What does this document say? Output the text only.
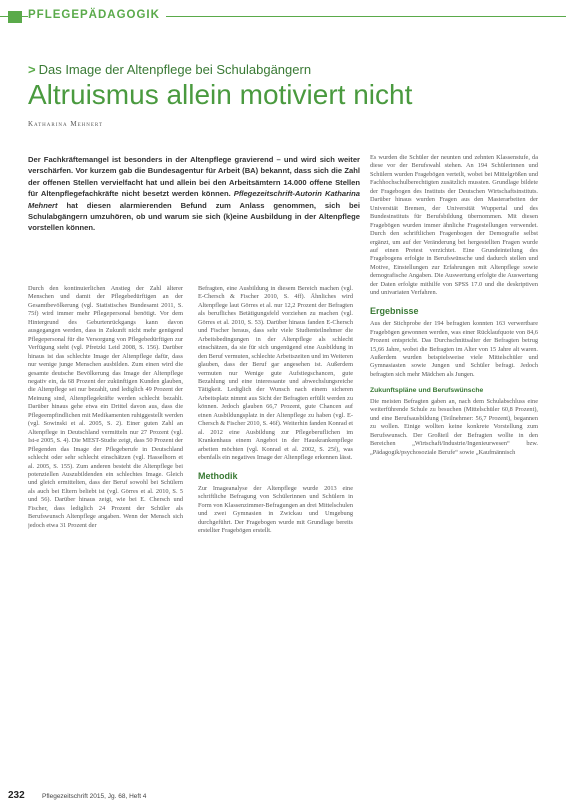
PFLEGEPÄDAGOGIK
> Das Image der Altenpflege bei Schulabgängern
Altruismus allein motiviert nicht
Katharina Mehnert
Der Fachkräftemangel ist besonders in der Altenpflege gravierend – und wird sich weiter verschärfen. Vor kurzem gab die Bundesagentur für Arbeit (BA) bekannt, dass sich die Zahl der offenen Stellen vervielfacht hat und allein bei den Arbeitsämtern 14.000 offene Stellen für Altenpflegefachkräfte nicht besetzt werden können. Pflegezeitschrift-Autorin Katharina Mehnert hat diesen alarmierenden Befund zum Anlass genommen, sich bei Schulabgängern umzuhören, ob und warum sie sich (k)eine Ausbildung in der Altenpflege vorstellen können.

Durch den kontinuierlichen Anstieg der Zahl älterer Menschen und damit der Pflegebedürftigen an der Gesamtbevölkerung (vgl. Statistisches Bundesamt 2011, S. 75f) wird immer mehr Pflegepersonal benötigt. Vor dem Hintergrund des Geburtenrückgangs kann davon ausgegangen werden, dass in Zukunft nicht mehr genügend Pflegepersonal für die Versorgung von Pflegebedürftigen zur Verfügung steht (vgl. Pfretzki Leid 2008, S. 156). Darüber hinaus ist das schlechte Image der Altenpflege dafür, dass nur wenige junge Menschen ausbilden. Zum einen wird die gesamte deutsche Bevölkerung das Image der Altenpflege negativ ein, da 68 Prozent der zukünftigen Kunden glauben, die Altenpflege sei nur bezahlt, und lediglich 49 Prozent der Meinung sind, Altenpflegekräfte werden schlecht bezahlt. Darüber hinaus gehe etwa ein Drittel davon aus, dass die Pflegeempfindlichen mit Medikamenten ruhiggestellt werden (vgl. Sowinski et al. 2005, S. 2). Einer guten Zahl an Altenpflege in Deutschland vermitteln nur 27 Prozent (vgl. Ist-e 2005, S. 4). Die MEST-Studie zeigt, dass 50 Prozent der Pflegenden das Image der Pflegeberufe in Deutschland schlecht oder sehr schlecht einschätzen (vgl. Hasselhorn et al. 2005, S. 155). Zum anderen besteht die Altenpflege bei potenziellen Auszubildenden ein schlechtes Image. Gleich und gleich ermittelten, dass der Beruf sowohl bei Schülern als auch bei Eltern beliebt ist (vgl. Görres et al. 2010, S. 5 und 56). Darüber hinaus zeigt, wie bei E. Chersch und Fischer, dass lediglich 24 Prozent der Schüler als Berufswunsch Altenpflege angaben. Wenn der Mensch sich jedoch etwa 31 Prozent der

Befragten, eine Ausbildung in diesem Bereich machen (vgl. E-Chersch & Fischer 2010, S. 4ff). Ähnliches wird Altenpflege laut Görres et al. nur 12,2 Prozent der Befragten als berufliches Betätigungsfeld vorziehen zu machen (vgl. Görres et al. 2010, S. 53). Darüber hinaus fanden E-Chersch und Fischer heraus, dass sehr viele Studienteilnehmer die Arbeitsbedingungen in der Altenpflege als schlecht einschätzen, da sie für sich ungenügend eine Ausbildung in den Beruf vermuten, schlechte Arbeitszeiten und im Weiteren glauben, dass der Beruf gar angesehen ist. Außerdem vermuten nur Wenige gute Aufstiegschancen, gute Bezahlung und eine interessante und abwechslungsreiche Tätigkeit. Lediglich der Wunsch nach einem sicheren Arbeitsplatz nimmt aus Sicht der Befragten erfüllt werden zu können. Jedoch glauben 66,7 Prozent, gute Chancen auf einen Ausbildungsplatz in der Altenpflege zu haben (vgl. E-Chersch & Fischer 2010, S. 46f). Weiterhin fanden Konrad et al. 2012 eine Ausbildung zur Pflegeberuflichen im Krankenhaus einem Angebot in der Hauskrankenpflege arbeiten möchten (vgl. Konrad et al. 2002, S. 25f), was ebenfalls ein negatives Image der Altenpflege erkennen lässt.

Methodik

Zur Imageanalyse der Altenpflege wurde 2013 eine schriftliche Befragung von Schülerinnen und Schülern in Form von Klassenzimmer-Befragungen an drei Mittelschulen und zwei Gymnasien in Zwickau und Umgebung durchgeführt. Der Fragebogen wurde mit Grundlage bereits erstellter Fragebögen erstellt.

Es wurden die Schüler der neunten und zehnten Klassenstufe, da diese vor der Berufswahl stehen. An 194 Schülerinnen und Schülern wurden Fragebögen verteilt, wobei bei Mittelgrößen und Fachhochschulberechtigten zusätzlich mussten. Grundlage bildete der Fragebogen des Instituts der Deutschen Wirtschaftsinstituts. Darüber hinaus wurden Fragen aus den Masterarbeiten der Universität Bremen, der Universität Wuppertal und des Bundesinstituts für Berufsbildung übernommen. Mit diesen Fragebögen wurden immer ähnliche Fragestellungen verwendet. Durch den schriftlichen Fragenbogen der Demografie selbst ergänzt, um auf der Veränderung bei hergestellten Fragen wurde auf einen Pretest verzichtet. Eine Grundeinteilung des Fragebogens erfolgte in Berufswünsche und dadurch stellen und Motive, Einstellungen zur Erfahrungen mit Altenpflege sowie demografische Angaben. Die Auswertung erfolgte die Auswertung der Daten erfolgte mithilfe von SPSS 17.0 und die deskriptiven und univariaten Verfahren.

Ergebnisse

Aus der Stichprobe der 194 befragten konnten 163 verwertbare Fragebögen gewonnen werden, was einer Rücklaufquote von 84,6 Prozent entspricht. Das Durchschnittsalter der Befragten betrug 15,66 Jahre, wobei die Befragten im Alter von 15 Jahre alt waren. Außerdem wurden beispielsweise viele Mittelschüler und Gymnasiasten sowie Jungen und Schüler befragt. Jedoch befragten sich mehr Mädchen als Jungen.

Zukunftspläne und Berufswünsche

Die meisten Befragten gaben an, nach dem Schulabschluss eine weiterführende Schule zu besuchen (Mittelschüler 60,8 Prozent), und eine Berufsausbildung (Teilnehmer: 56,7 Prozent), begannen zu wollen. Einige wollten keine konkrete Vorstellung zum Berufswunsch. Der Großteil der Befragten wollte in den Bereichen „Wirtschaft/Industrie/Ingenieurwesen“ bzw. „Pädagogik/psychosoziale Berufe“ sowie „Kaufmännisch

232	Pflegezeitschrift 2015, Jg. 68, Heft 4
